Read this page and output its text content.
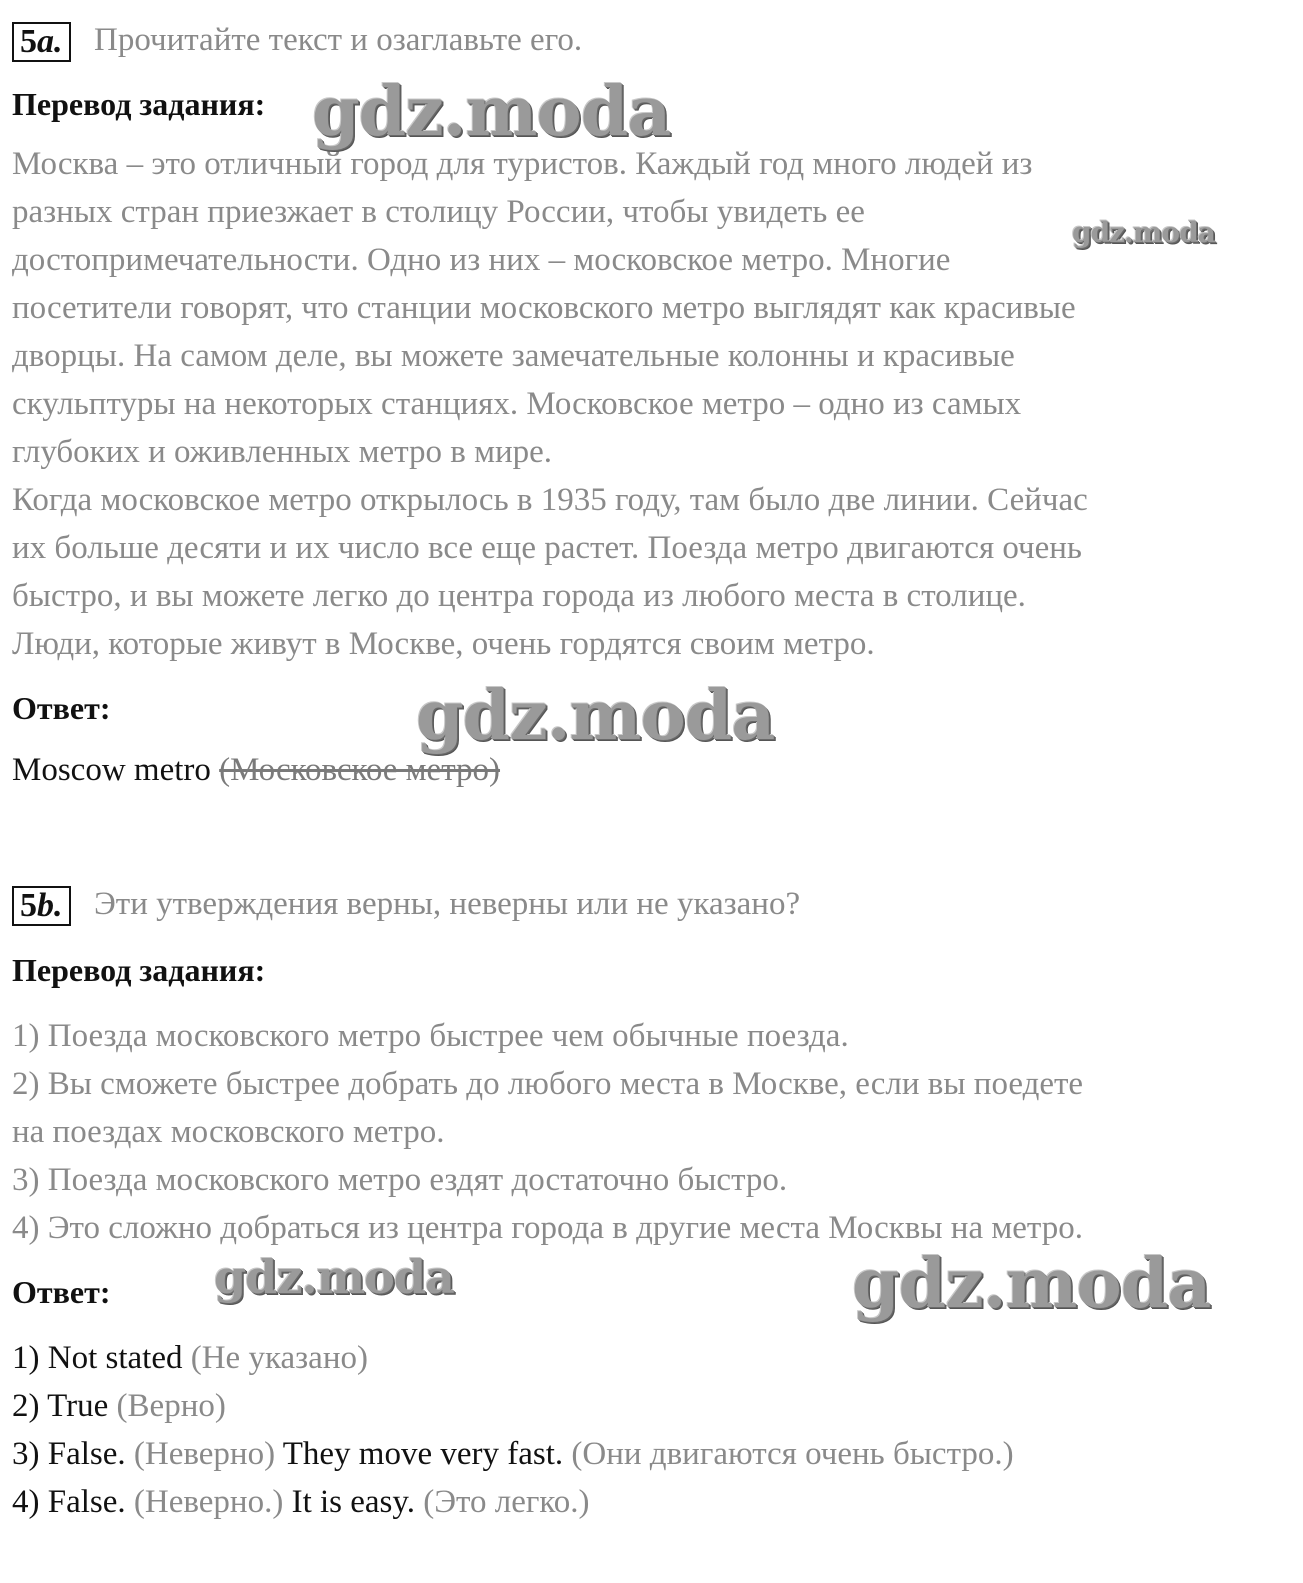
5a. Прочитайте текст и озаглавьте его.
Перевод задания:
Москва – это отличный город для туристов. Каждый год много людей из
разных стран приезжает в столицу России, чтобы увидеть ее
достопримечательности. Одно из них – московское метро. Многие
посетители говорят, что станции московского метро выглядят как красивые
дворцы. На самом деле, вы можете замечательные колонны и красивые
скульптуры на некоторых станциях. Московское метро – одно из самых
глубоких и оживленных метро в мире.
Когда московское метро открылось в 1935 году, там было две линии. Сейчас
их больше десяти и их число все еще растет. Поезда метро двигаются очень
быстро, и вы можете легко до центра города из любого места в столице.
Люди, которые живут в Москве, очень гордятся своим метро.
Ответ:
Moscow metro (Московское метро)
5b. Эти утверждения верны, неверны или не указано?
Перевод задания:
1) Поезда московского метро быстрее чем обычные поезда.
2) Вы сможете быстрее добрать до любого места в Москве, если вы поедете
на поездах московского метро.
3) Поезда московского метро ездят достаточно быстро.
4) Это сложно добраться из центра города в другие места Москвы на метро.
Ответ:
1) Not stated (Не указано)
2) True (Верно)
3) False. (Неверно) They move very fast. (Они двигаются очень быстро.)
4) False. (Неверно.) It is easy. (Это легко.)
gdz.moda
gdz.moda
gdz.moda
gdz.moda	gdz.moda
